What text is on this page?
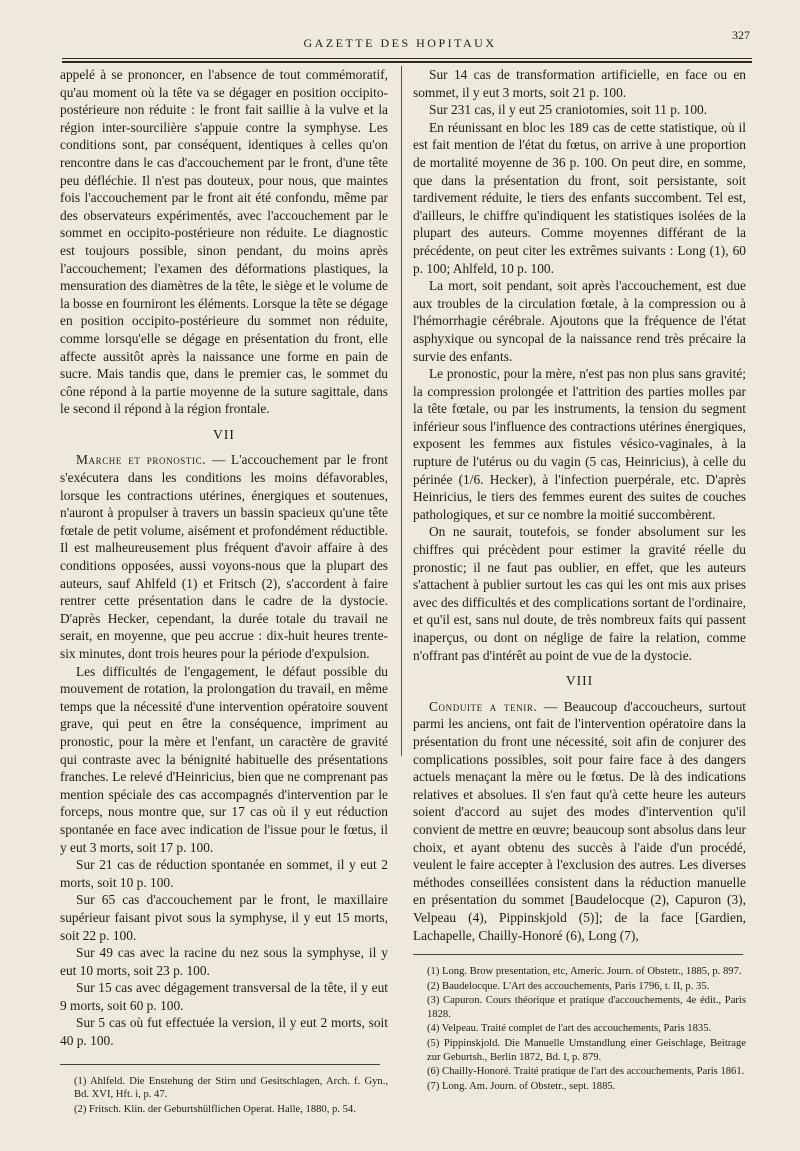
GAZETTE DES HOPITAUX
327

appelé à se prononcer, en l'absence de tout commémoratif, qu'au moment où la tête va se dégager en position occipito-postérieure non réduite : le front fait saillie à la vulve et la région inter-sourcilière s'appuie contre la symphyse. Les conditions sont, par conséquent, identiques à celles qu'on rencontre dans le cas d'accouchement par le front, d'une tête peu défléchie. Il n'est pas douteux, pour nous, que maintes fois l'accouchement par le front ait été confondu, même par des observateurs expérimentés, avec l'accouchement par le sommet en occipito-postérieure non réduite. Le diagnostic est toujours possible, sinon pendant, du moins après l'accouchement; l'examen des déformations plastiques, la mensuration des diamètres de la tête, le siège et le volume de la bosse en fourniront les éléments. Lorsque la tête se dégage en position occipito-postérieure du sommet non réduite, comme lorsqu'elle se dégage en présentation du front, elle affecte aussitôt après la naissance une forme en pain de sucre. Mais tandis que, dans le premier cas, le sommet du cône répond à la partie moyenne de la suture sagittale, dans le second il répond à la région frontale.

VII

Marche et pronostic. — L'accouchement par le front s'exécutera dans les conditions les moins défavorables, lorsque les contractions utérines, énergiques et soutenues, n'auront à propulser à travers un bassin spacieux qu'une tête fœtale de petit volume, aisément et profondément réductible. Il est malheureusement plus fréquent d'avoir affaire à des conditions opposées, aussi voyons-nous que la plupart des auteurs, sauf Ahlfeld (1) et Fritsch (2), s'accordent à faire rentrer cette présentation dans le cadre de la dystocie. D'après Hecker, cependant, la durée totale du travail ne serait, en moyenne, que peu accrue : dix-huit heures trente-six minutes, dont trois heures pour la période d'expulsion.

Les difficultés de l'engagement, le défaut possible du mouvement de rotation, la prolongation du travail, en même temps que la nécessité d'une intervention opératoire souvent grave, qui peut en être la conséquence, impriment au pronostic, pour la mère et l'enfant, un caractère de gravité qui contraste avec la bénignité habituelle des présentations franches. Le relevé d'Heinricius, bien que ne comprenant pas mention spéciale des cas accompagnés d'intervention par le forceps, nous montre que, sur 17 cas où il y eut réduction spontanée en face avec indication de l'issue pour le fœtus, il y eut 3 morts, soit 17 p. 100.

Sur 21 cas de réduction spontanée en sommet, il y eut 2 morts, soit 10 p. 100.

Sur 65 cas d'accouchement par le front, le maxillaire supérieur faisant pivot sous la symphyse, il y eut 15 morts, soit 22 p. 100.

Sur 49 cas avec la racine du nez sous la symphyse, il y eut 10 morts, soit 23 p. 100.

Sur 15 cas avec dégagement transversal de la tête, il y eut 9 morts, soit 60 p. 100.

Sur 5 cas où fut effectuée la version, il y eut 2 morts, soit 40 p. 100.

(1) Ahlfeld. Die Enstehung der Stirn und Gesitschlagen, Arch. f. Gyn., Bd. XVI, Hft. i, p. 47.

(2) Fritsch. Klin. der Geburtshülflichen Operat. Halle, 1880, p. 54.

Sur 14 cas de transformation artificielle, en face ou en sommet, il y eut 3 morts, soit 21 p. 100.

Sur 231 cas, il y eut 25 craniotomies, soit 11 p. 100.

En réunissant en bloc les 189 cas de cette statistique, où il est fait mention de l'état du fœtus, on arrive à une proportion de mortalité moyenne de 36 p. 100. On peut dire, en somme, que dans la présentation du front, soit persistante, soit tardivement réduite, le tiers des enfants succombent. Tel est, d'ailleurs, le chiffre qu'indiquent les statistiques isolées de la plupart des auteurs. Comme moyennes différant de la précédente, on peut citer les extrêmes suivants : Long (1), 60 p. 100; Ahlfeld, 10 p. 100.

La mort, soit pendant, soit après l'accouchement, est due aux troubles de la circulation fœtale, à la compression ou à l'hémorrhagie cérébrale. Ajoutons que la fréquence de l'état asphyxique ou syncopal de la naissance rend très précaire la survie des enfants.

Le pronostic, pour la mère, n'est pas non plus sans gravité; la compression prolongée et l'attrition des parties molles par la tête fœtale, ou par les instruments, la tension du segment inférieur sous l'influence des contractions utérines énergiques, exposent les femmes aux fistules vésico-vaginales, à la rupture de l'utérus ou du vagin (5 cas, Heinricius), à celle du périnée (1/6. Hecker), à l'infection puerpérale, etc. D'après Heinricius, le tiers des femmes eurent des suites de couches pathologiques, et sur ce nombre la moitié succombèrent.

On ne saurait, toutefois, se fonder absolument sur les chiffres qui précèdent pour estimer la gravité réelle du pronostic; il ne faut pas oublier, en effet, que les auteurs s'attachent à publier surtout les cas qui les ont mis aux prises avec des difficultés et des complications sortant de l'ordinaire, et qu'il est, sans nul doute, de très nombreux faits qui passent inaperçus, ou dont on néglige de faire la relation, comme n'offrant pas d'intérêt au point de vue de la dystocie.

VIII

Conduite a tenir. — Beaucoup d'accoucheurs, surtout parmi les anciens, ont fait de l'intervention opératoire dans la présentation du front une nécessité, soit afin de conjurer des complications possibles, soit pour faire face à des dangers actuels menaçant la mère ou le fœtus. De là des indications relatives et absolues. Il s'en faut qu'à cette heure les auteurs soient d'accord au sujet des modes d'intervention qu'il convient de mettre en œuvre; beaucoup sont absolus dans leur choix, et ayant obtenu des succès à l'aide d'un procédé, veulent le faire accepter à l'exclusion des autres. Les diverses méthodes conseillées consistent dans la réduction manuelle en présentation du sommet [Baudelocque (2), Capuron (3), Velpeau (4), Pippinskjold (5)]; de la face [Gardien, Lachapelle, Chailly-Honoré (6), Long (7),

(1) Long. Brow presentation, etc, Americ. Journ. of Obstetr., 1885, p. 897.

(2) Baudelocque. L'Art des accouchements, Paris 1796, t. II, p. 35.

(3) Capuron. Cours théorique et pratique d'accouchements, 4e édit., Paris 1828.

(4) Velpeau. Traité complet de l'art des accouchements, Paris 1835.

(5) Pippinskjold. Die Manuelle Umstandlung einer Geischlage, Beitrage zur Geburtsh., Berlin 1872, Bd. I, p. 879.

(6) Chailly-Honoré. Traité pratique de l'art des accouchements, Paris 1861.

(7) Long. Am. Journ. of Obstetr., sept. 1885.
